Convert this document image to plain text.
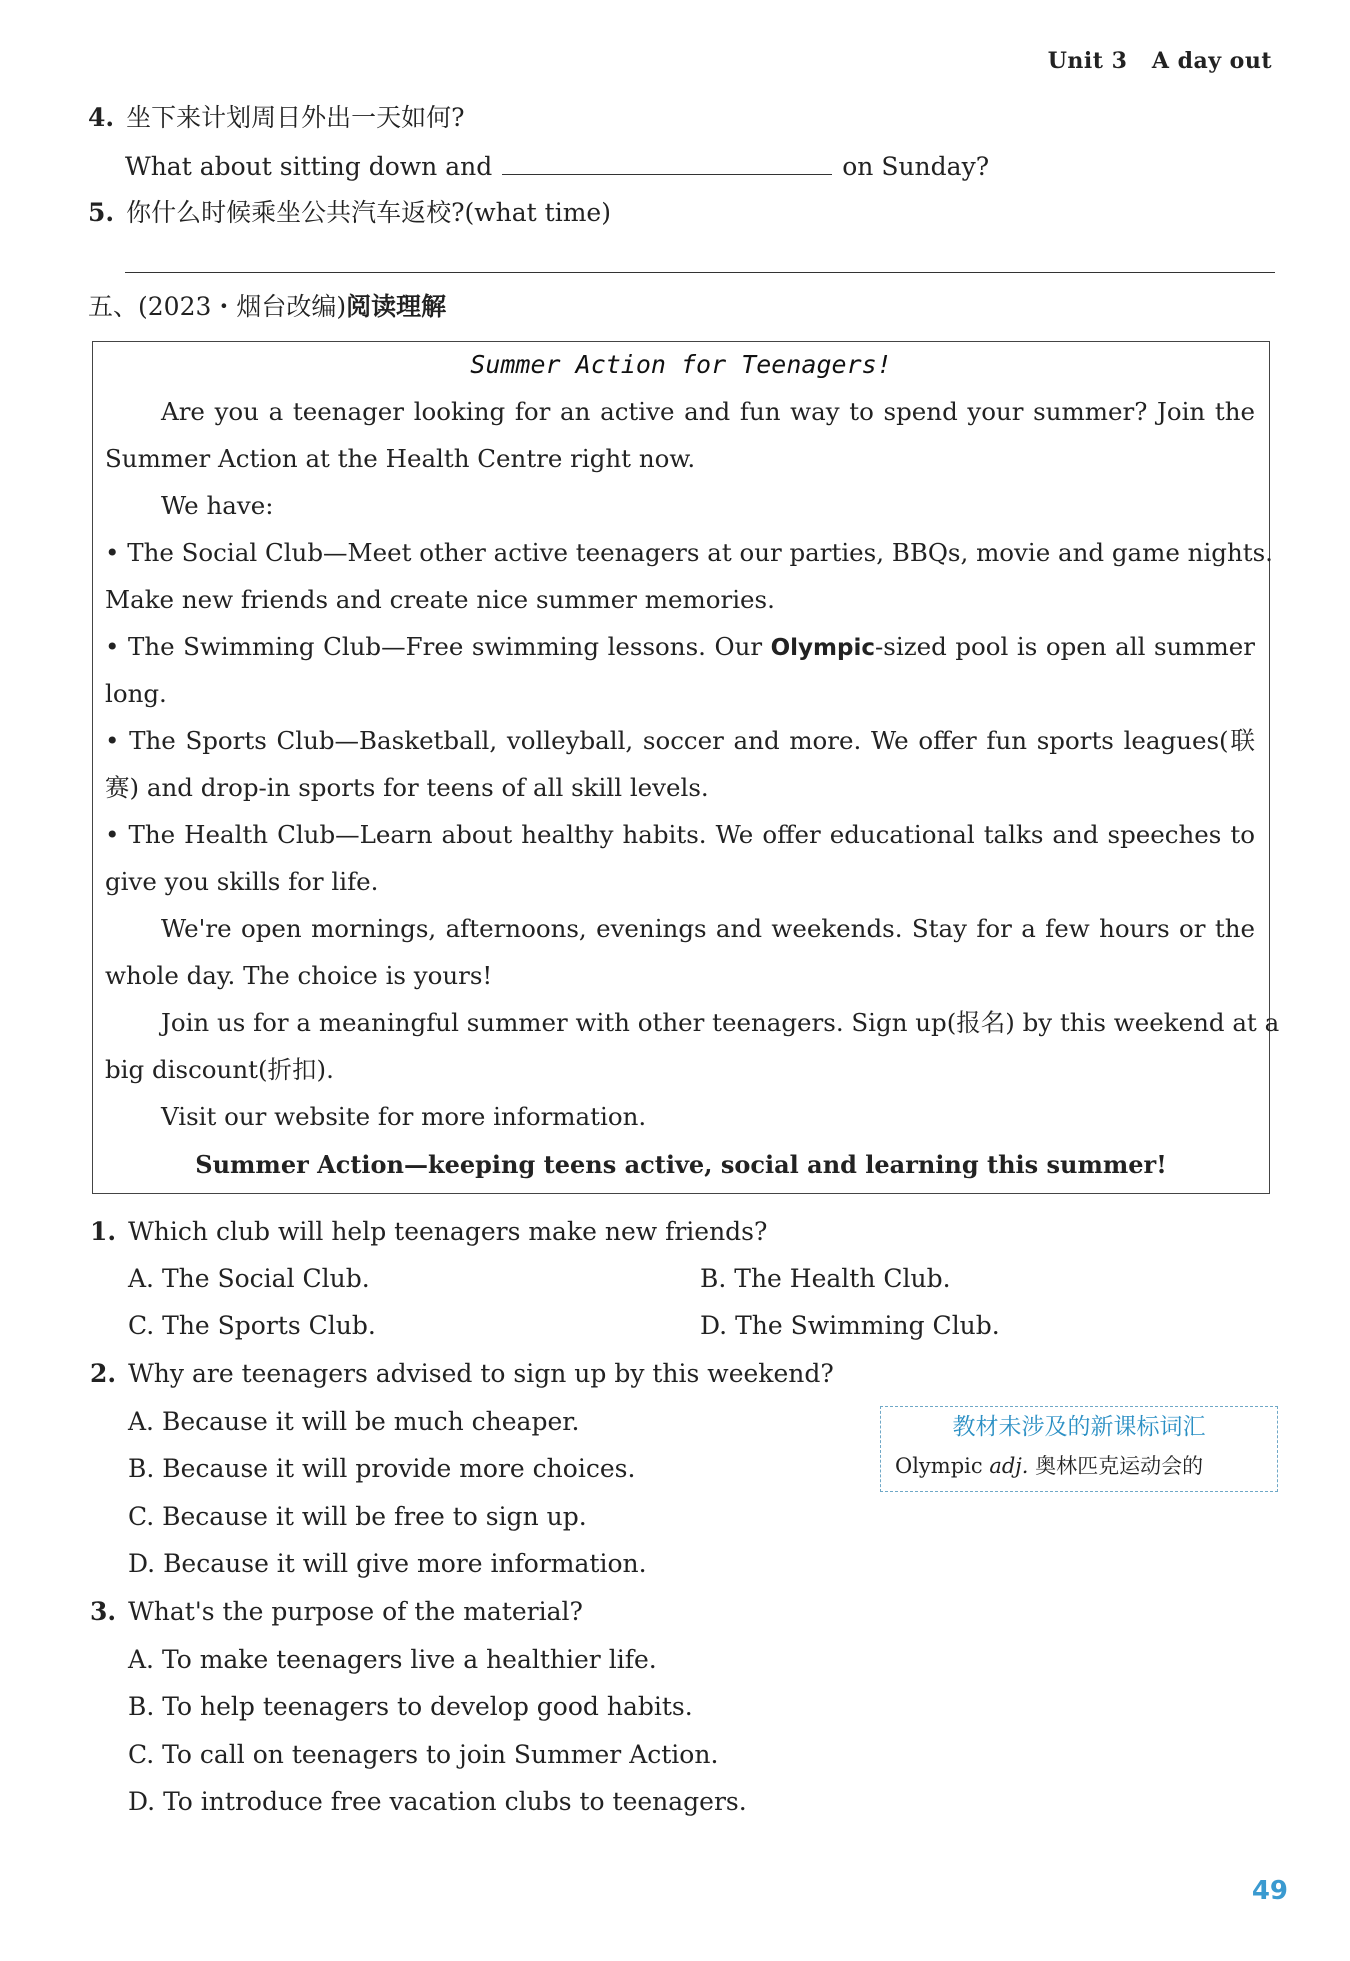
Unit 3 A day out
4. 坐下来计划周日外出一天如何?
What about sitting down and	on Sunday?
5. 你什么时候乘坐公共汽车返校?(what time)
五、(2023・烟台改编)阅读理解
Summer Action for Teenagers!
Are you a teenager looking for an active and fun way to spend your summer? Join the
Summer Action at the Health Centre right now.
We have:
• The Social Club—Meet other active teenagers at our parties, BBQs, movie and game nights.
Make new friends and create nice summer memories.
• The Swimming Club—Free swimming lessons. Our Olympic-sized pool is open all summer
long.
• The Sports Club—Basketball, volleyball, soccer and more. We offer fun sports leagues(联
赛) and drop-in sports for teens of all skill levels.
• The Health Club—Learn about healthy habits. We offer educational talks and speeches to
give you skills for life.
We're open mornings, afternoons, evenings and weekends. Stay for a few hours or the
whole day. The choice is yours!
Join us for a meaningful summer with other teenagers. Sign up(报名) by this weekend at a
big discount(折扣).
Visit our website for more information.
Summer Action—keeping teens active, social and learning this summer!
1. Which club will help teenagers make new friends?
A. The Social Club.	B. The Health Club.
C. The Sports Club.	D. The Swimming Club.
2. Why are teenagers advised to sign up by this weekend?
A. Because it will be much cheaper.
B. Because it will provide more choices.
C. Because it will be free to sign up.
D. Because it will give more information.
教材未涉及的新课标词汇
Olympic adj. 奥林匹克运动会的
3. What's the purpose of the material?
A. To make teenagers live a healthier life.
B. To help teenagers to develop good habits.
C. To call on teenagers to join Summer Action.
D. To introduce free vacation clubs to teenagers.
49
